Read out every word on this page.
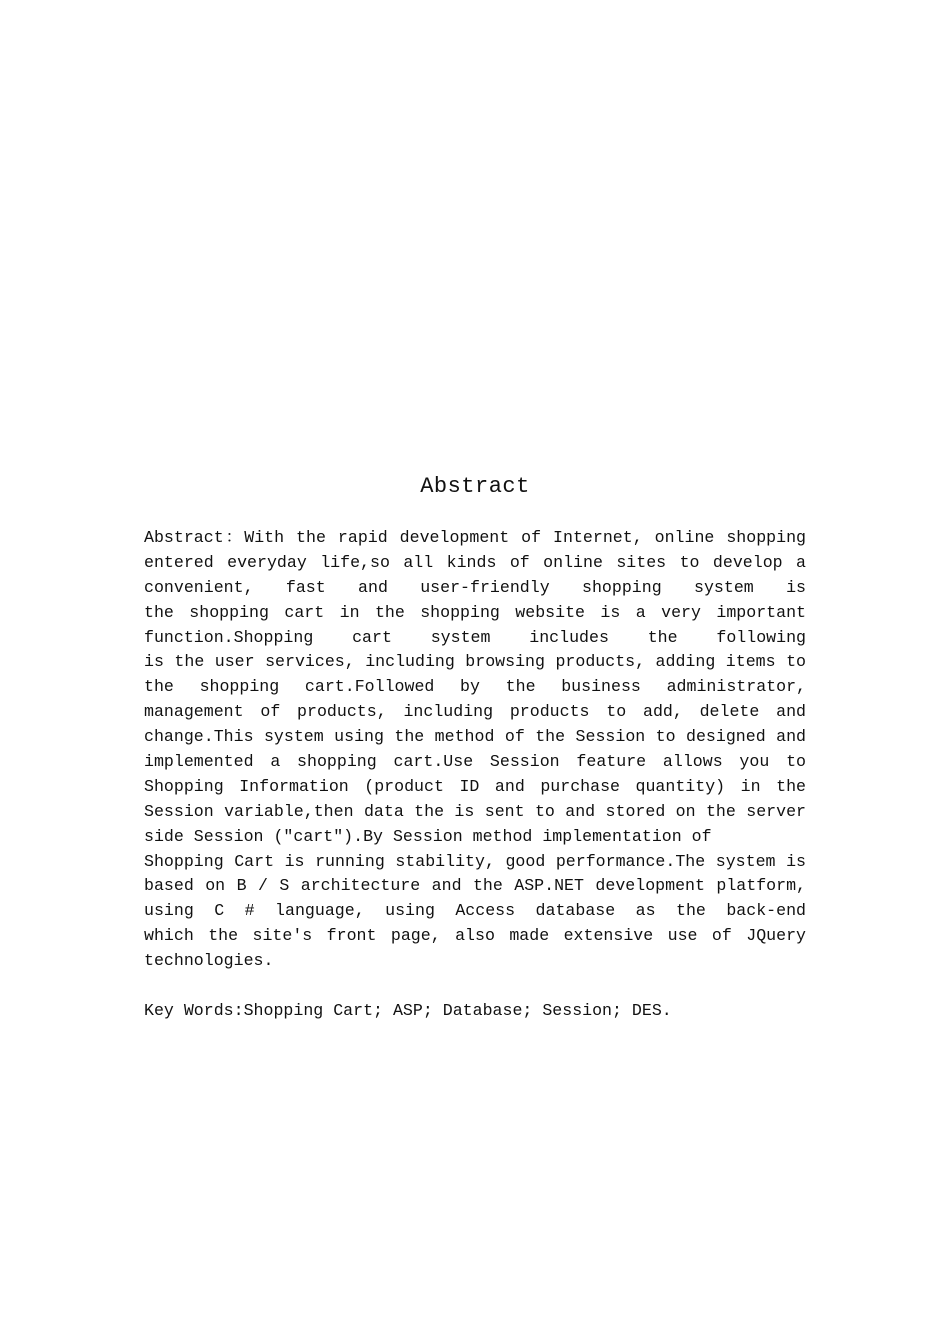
Abstract
Abstract：With the rapid development of Internet, online shopping
entered everyday life,so all kinds of online sites to develop a
convenient, fast and user-friendly shopping system is
the shopping cart in the shopping website is a very important
function.Shopping cart system includes the following
is the user services, including browsing products, adding items to
the shopping cart.Followed by the business administrator,
management of products, including products to add, delete and
change.This system using the method of the Session to designed and
implemented a shopping cart.Use Session feature allows you to
Shopping Information (product ID and purchase quantity) in the
Session variable,then data the is sent to and stored on the server
side Session ("cart").By Session method implementation of
Shopping Cart is running stability, good performance.The system is
based on B / S architecture and the ASP.NET development platform,
using C # language, using Access database as the back-end
which the site's front page, also made extensive use of JQuery
technologies.

Key Words:Shopping Cart; ASP; Database; Session; DES.
